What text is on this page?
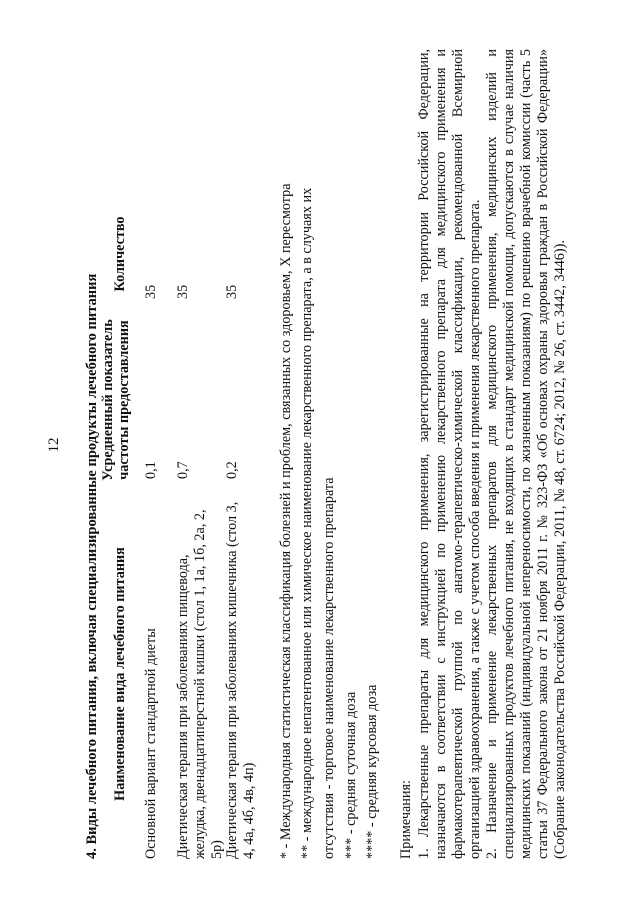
12 4. Виды лечебного питания, включая специализированные продукты лечебного питания Наименование вида лечебного питания
Усредненный показатель частоты предоставления
Количество
Основной вариант стандартной диеты
0,1
35
Диетическая терапия при заболеваниях пищевода, желудка, двенадцатиперстной кишки (стол 1, 1а, 1б, 2а, 2, 5р)
0,7
35
Диетическая терапия при заболеваниях кишечника (стол 3, 4, 4а, 4б, 4в, 4п)
0,2
35	* - Международная статистическая классификация болезней и проблем, связанных со здоровьем, X пересмотра ** - международное непатентованное или химическое наименование лекарственного препарата, а в случаях их отсутствия - торговое наименование лекарственного препарата *** - средняя суточная доза **** - средняя курсовая доза Примечания: 1. Лекарственные препараты для медицинского применения, зарегистрированные на территории Российской Федерации, назначаются в соответствии с инструкцией по применению лекарственного препарата для медицинского применения и фармакотерапевтической группой по анатомо-терапевтическо-химической классификации, рекомендованной Всемирной организацией здравоохранения, а также с учетом способа введения и применения лекарственного препарата. 2. Назначение и применение лекарственных препаратов для медицинского применения, медицинских изделий и специализированных продуктов лечебного питания, не входящих в стандарт медицинской помощи, допускаются в случае наличия медицинских показаний (индивидуальной непереносимости, по жизненным показаниям) по решению врачебной комиссии (часть 5 статьи 37 Федерального закона от 21 ноября 2011 г. № 323-ФЗ «Об основах охраны здоровья граждан в Российской Федерации» (Собрание законодательства Российской Федерации, 2011, № 48, ст. 6724; 2012, № 26, ст. 3442, 3446)).
